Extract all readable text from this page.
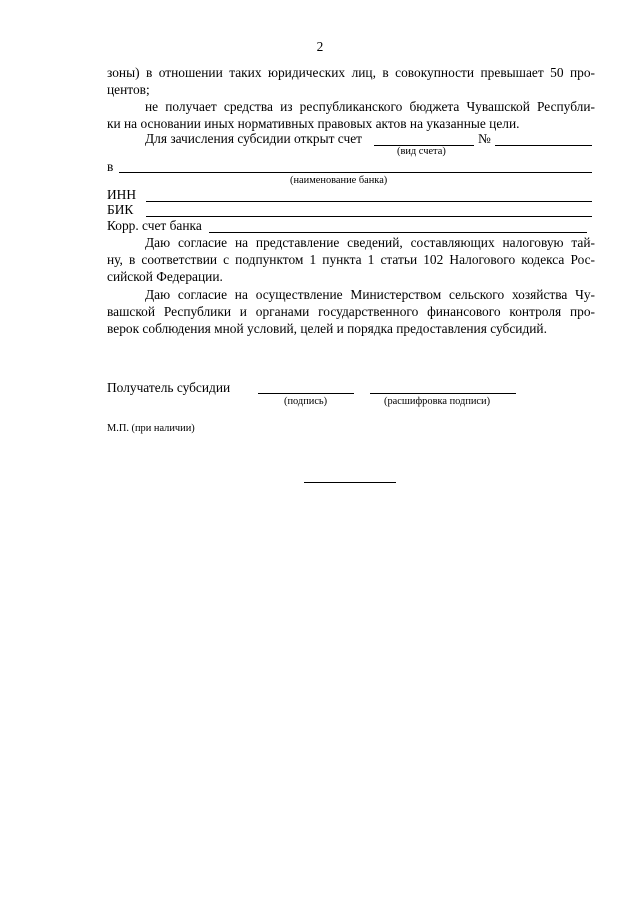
2
зоны) в отношении таких юридических лиц, в совокупности превышает 50 про-
центов;
не получает средства из республиканского бюджета Чувашской Республи-
ки на основании иных нормативных правовых актов на указанные цели.
Для зачисления субсидии открыт счет	№
(вид счета)
в
(наименование банка)
ИНН
БИК
Корр. счет банка
Даю согласие на представление сведений, составляющих налоговую тай-
ну, в соответствии с подпунктом 1 пункта 1 статьи 102 Налогового кодекса Рос-
сийской Федерации.
Даю согласие на осуществление Министерством сельского хозяйства Чу-
вашской Республики и органами государственного финансового контроля про-
верок соблюдения мной условий, целей и порядка предоставления субсидий.
Получатель субсидии
(подпись)	(расшифровка подписи)
М.П. (при наличии)
